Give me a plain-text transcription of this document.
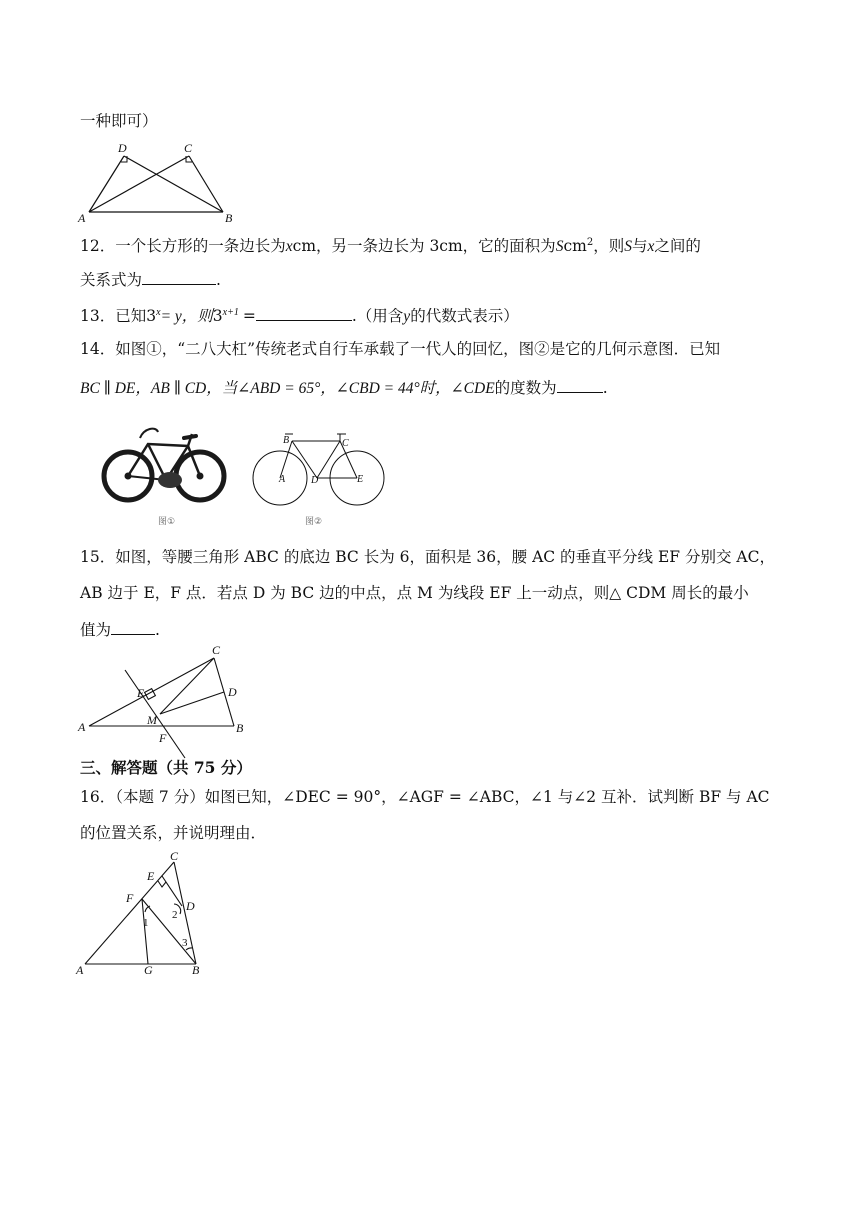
一种即可）
A	B
C
D
12．一个长方形的一条边长为xcm，另一条边长为 3cm，它的面积为Scm$^2$，则S与x之间的
关系式为	.
13．已知$3^x= y$，则$3^{x+1}$ =	.（用含y的代数式表示）
14．如图①，“二八大杠”传统老式自行车承载了一代人的回忆，图②是它的几何示意图．已知
BC ∥ DE，AB ∥ CD，当∠ABD = 65°，∠CBD = 44°时，∠CDE的度数为	.
图①
B	C
A	D	E
图②
15．如图，等腰三角形 ABC 的底边 BC 长为 6，面积是 36，腰 AC 的垂直平分线 EF 分别交 AC，
AB 边于 E，F 点．若点 D 为 BC 边的中点，点 M 为线段 EF 上一动点，则△ CDM 周长的最小
值为	.
A	B
C
D
E
F
M
三、解答题（共 75 分）
16．（本题 7 分）如图已知，∠DEC = 90°，∠AGF = ∠ABC，∠1 与∠2 互补．试判断 BF 与 AC
的位置关系，并说明理由．
A	B
C
D
E
F
G
1
2
3
